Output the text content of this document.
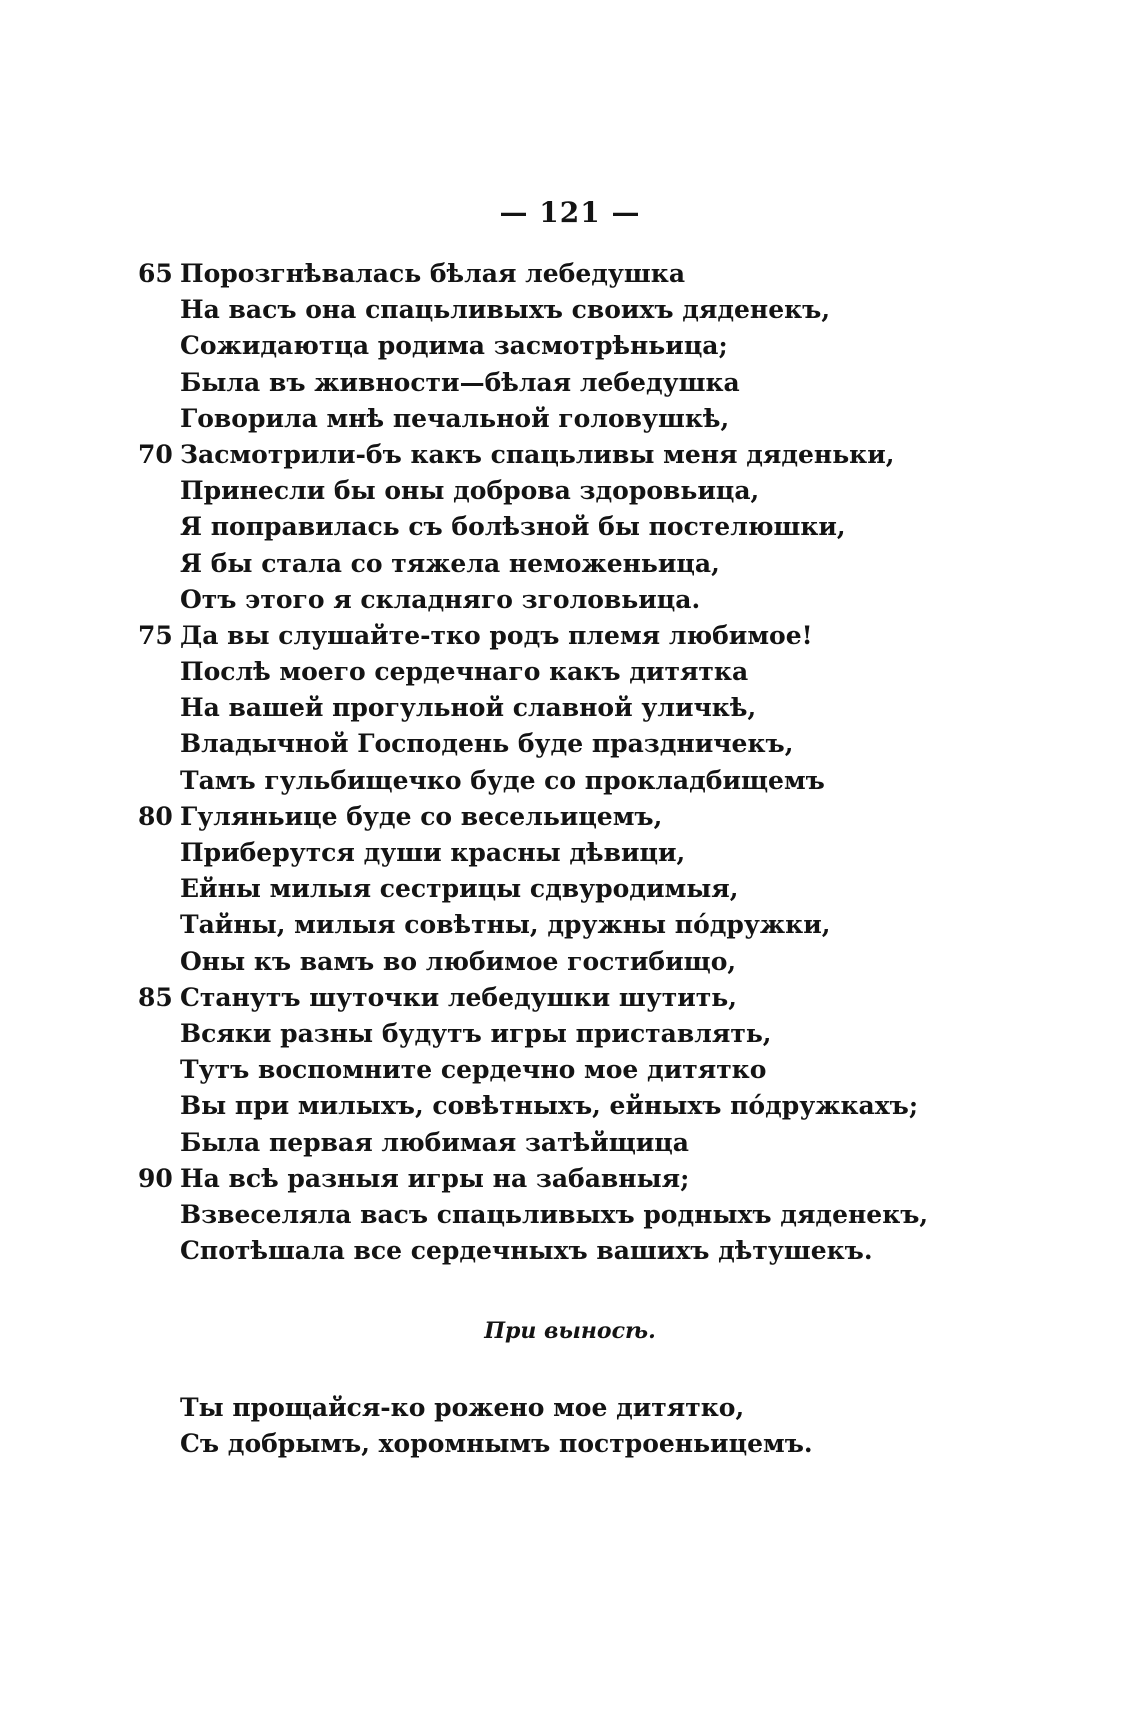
— 121 —
65 Порозгнѣвалась бѣлая лебедушка
На васъ она спацьливыхъ своихъ дяденекъ,
Сожидаютца родима засмотрѣньица;
Была въ живности—бѣлая лебедушка
Говорила мнѣ печальной головушкѣ,
70 Засмотрили-бъ какъ спацьливы меня дяденьки,
Принесли бы оны доброва здоровьица,
Я поправилась съ болѣзной бы постелюшки,
Я бы стала со тяжела неможеньица,
Отъ этого я складняго зголовьица.
75 Да вы слушайте-тко родъ племя любимое!
Послѣ моего сердечнаго какъ дитятка
На вашей прогульной славной уличкѣ,
Владычной Господень буде праздничекъ,
Тамъ гульбищечко буде со прокладбищемъ
80 Гуляньице буде со весельицемъ,
Приберутся души красны дѣвици,
Ейны милыя сестрицы сдвуродимыя,
Тайны, милыя совѣтны, дружны пóдружки,
Оны къ вамъ во любимое гостибищо,
85 Станутъ шуточки лебедушки шутить,
Всяки разны будутъ игры приставлять,
Тутъ воспомните сердечно мое дитятко
Вы при милыхъ, совѣтныхъ, ейныхъ пóдружкахъ;
Была первая любимая затѣйщица
90 На всѣ разныя игры на забавныя;
Взвеселяла васъ спацьливыхъ родныхъ дяденекъ,
Спотѣшала все сердечныхъ вашихъ дѣтушекъ.
При выносѣ.
Ты прощайся-ко рожено мое дитятко,
Съ добрымъ, хоромнымъ построеньицемъ.
